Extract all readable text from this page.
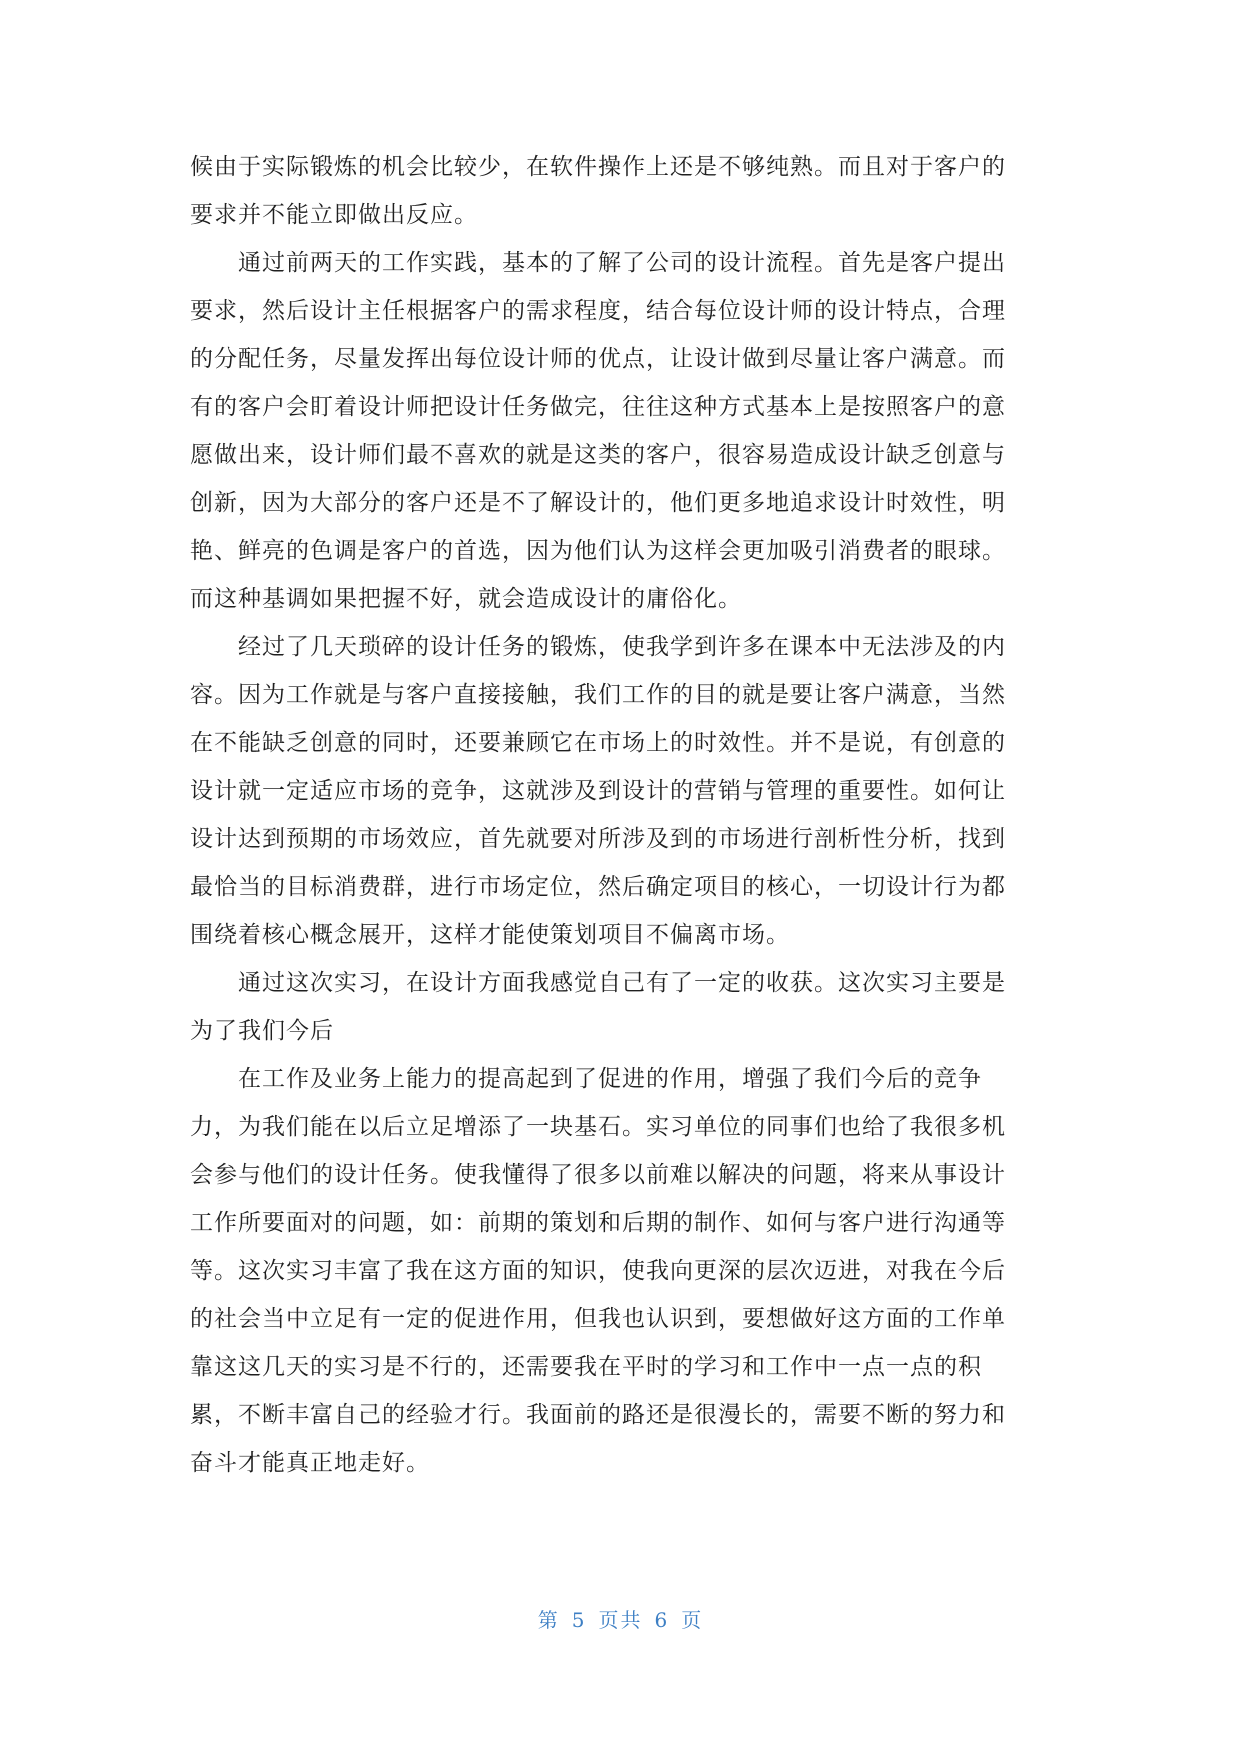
候由于实际锻炼的机会比较少，在软件操作上还是不够纯熟。而且对于客户的
要求并不能立即做出反应。
通过前两天的工作实践，基本的了解了公司的设计流程。首先是客户提出
要求，然后设计主任根据客户的需求程度，结合每位设计师的设计特点，合理
的分配任务，尽量发挥出每位设计师的优点，让设计做到尽量让客户满意。而
有的客户会盯着设计师把设计任务做完，往往这种方式基本上是按照客户的意
愿做出来，设计师们最不喜欢的就是这类的客户，很容易造成设计缺乏创意与
创新，因为大部分的客户还是不了解设计的，他们更多地追求设计时效性，明
艳、鲜亮的色调是客户的首选，因为他们认为这样会更加吸引消费者的眼球。
而这种基调如果把握不好，就会造成设计的庸俗化。
经过了几天琐碎的设计任务的锻炼，使我学到许多在课本中无法涉及的内
容。因为工作就是与客户直接接触，我们工作的目的就是要让客户满意，当然
在不能缺乏创意的同时，还要兼顾它在市场上的时效性。并不是说，有创意的
设计就一定适应市场的竞争，这就涉及到设计的营销与管理的重要性。如何让
设计达到预期的市场效应，首先就要对所涉及到的市场进行剖析性分析，找到
最恰当的目标消费群，进行市场定位，然后确定项目的核心，一切设计行为都
围绕着核心概念展开，这样才能使策划项目不偏离市场。
通过这次实习，在设计方面我感觉自己有了一定的收获。这次实习主要是
为了我们今后
在工作及业务上能力的提高起到了促进的作用，增强了我们今后的竞争
力，为我们能在以后立足增添了一块基石。实习单位的同事们也给了我很多机
会参与他们的设计任务。使我懂得了很多以前难以解决的问题，将来从事设计
工作所要面对的问题，如：前期的策划和后期的制作、如何与客户进行沟通等
等。这次实习丰富了我在这方面的知识，使我向更深的层次迈进，对我在今后
的社会当中立足有一定的促进作用，但我也认识到，要想做好这方面的工作单
靠这这几天的实习是不行的，还需要我在平时的学习和工作中一点一点的积
累，不断丰富自己的经验才行。我面前的路还是很漫长的，需要不断的努力和
奋斗才能真正地走好。
第 5 页共 6 页
